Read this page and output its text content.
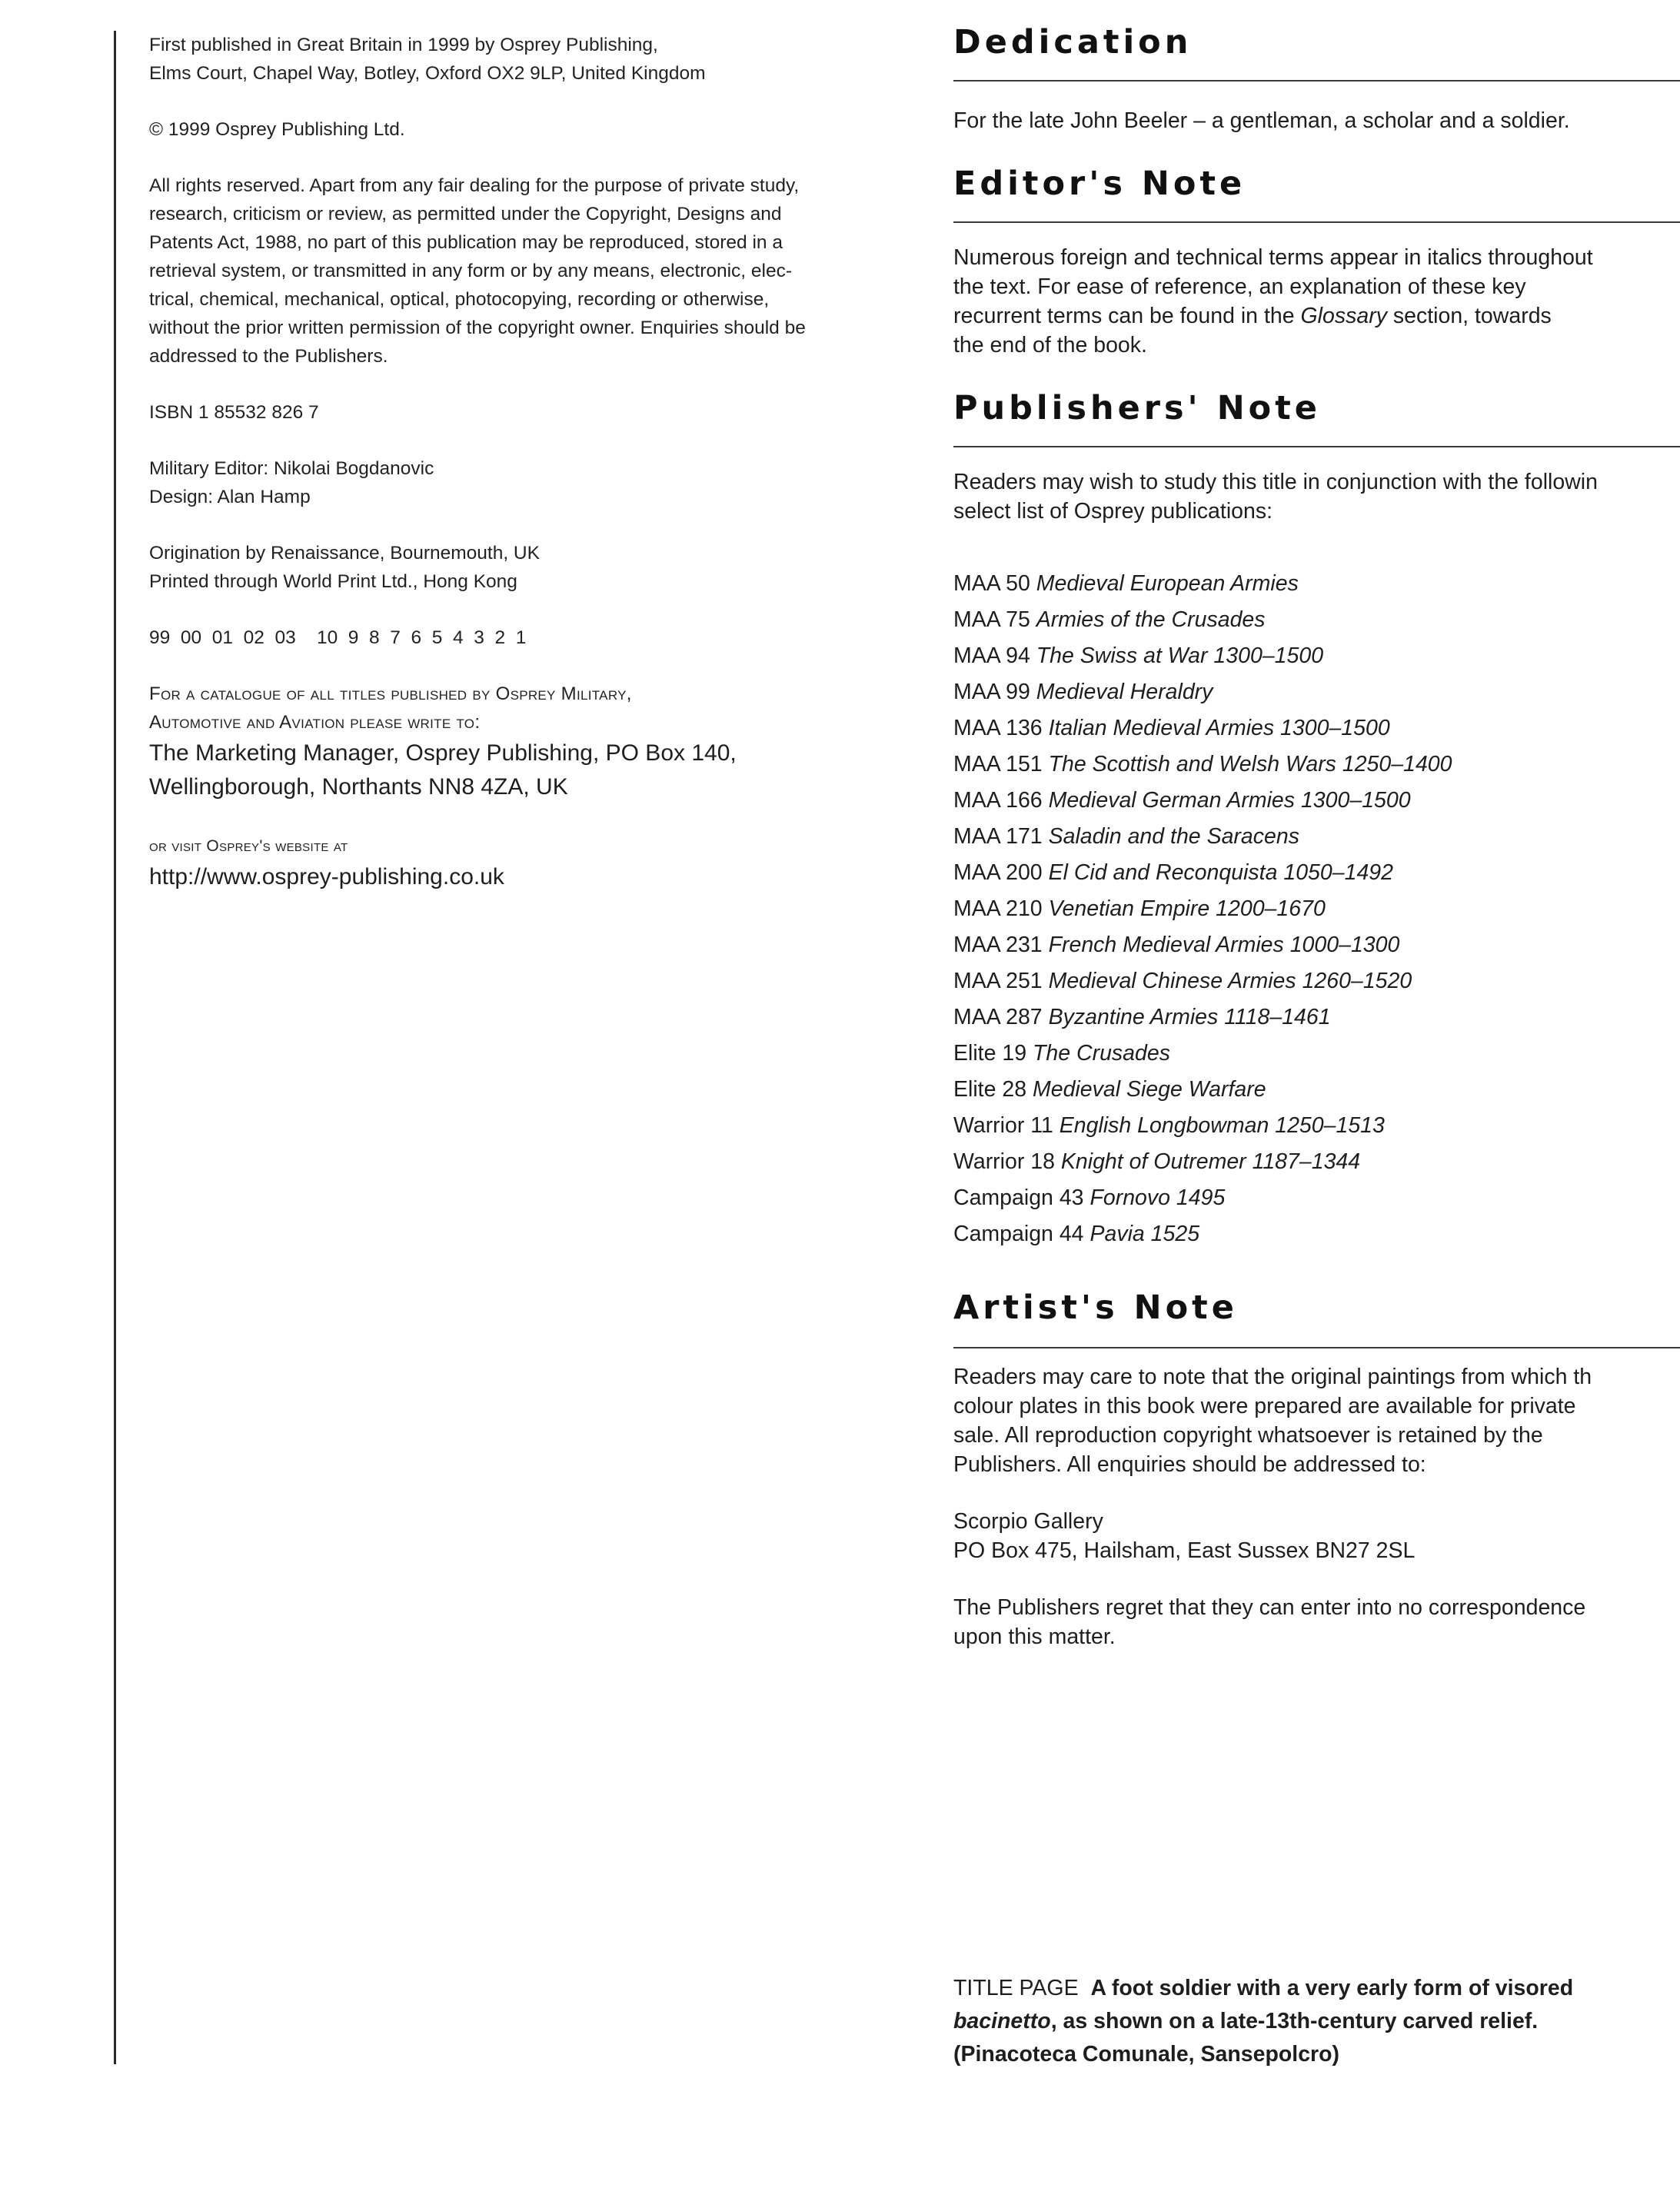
First published in Great Britain in 1999 by Osprey Publishing,
Elms Court, Chapel Way, Botley, Oxford OX2 9LP, United Kingdom
© 1999 Osprey Publishing Ltd.
All rights reserved. Apart from any fair dealing for the purpose of private study,
research, criticism or review, as permitted under the Copyright, Designs and
Patents Act, 1988, no part of this publication may be reproduced, stored in a
retrieval system, or transmitted in any form or by any means, electronic, elec-
trical, chemical, mechanical, optical, photocopying, recording or otherwise,
without the prior written permission of the copyright owner. Enquiries should be
addressed to the Publishers.
ISBN 1 85532 826 7
Military Editor: Nikolai Bogdanovic
Design: Alan Hamp
Origination by Renaissance, Bournemouth, UK
Printed through World Print Ltd., Hong Kong
99  00  01  02  03    10  9  8  7  6  5  4  3  2  1
For a catalogue of all titles published by Osprey Military,
Automotive and Aviation please write to:
The Marketing Manager, Osprey Publishing, PO Box 140,
Wellingborough, Northants NN8 4ZA, UK
or visit Osprey's website at
http://www.osprey-publishing.co.uk
Dedication
For the late John Beeler – a gentleman, a scholar and a soldier.
Editor's Note
Numerous foreign and technical terms appear in italics throughout
the text. For ease of reference, an explanation of these key
recurrent terms can be found in the Glossary section, towards
the end of the book.
Publishers' Note
Readers may wish to study this title in conjunction with the followin
select list of Osprey publications:
MAA 50 Medieval European Armies
MAA 75 Armies of the Crusades
MAA 94 The Swiss at War 1300–1500
MAA 99 Medieval Heraldry
MAA 136 Italian Medieval Armies 1300–1500
MAA 151 The Scottish and Welsh Wars 1250–1400
MAA 166 Medieval German Armies 1300–1500
MAA 171 Saladin and the Saracens
MAA 200 El Cid and Reconquista 1050–1492
MAA 210 Venetian Empire 1200–1670
MAA 231 French Medieval Armies 1000–1300
MAA 251 Medieval Chinese Armies 1260–1520
MAA 287 Byzantine Armies 1118–1461
Elite 19 The Crusades
Elite 28 Medieval Siege Warfare
Warrior 11 English Longbowman 1250–1513
Warrior 18 Knight of Outremer 1187–1344
Campaign 43 Fornovo 1495
Campaign 44 Pavia 1525
Artist's Note
Readers may care to note that the original paintings from which th
colour plates in this book were prepared are available for private
sale. All reproduction copyright whatsoever is retained by the
Publishers. All enquiries should be addressed to:
Scorpio Gallery
PO Box 475, Hailsham, East Sussex BN27 2SL
The Publishers regret that they can enter into no correspondence
upon this matter.
TITLE PAGE A foot soldier with a very early form of visored
bacinetto, as shown on a late-13th-century carved relief.
(Pinacoteca Comunale, Sansepolcro)
